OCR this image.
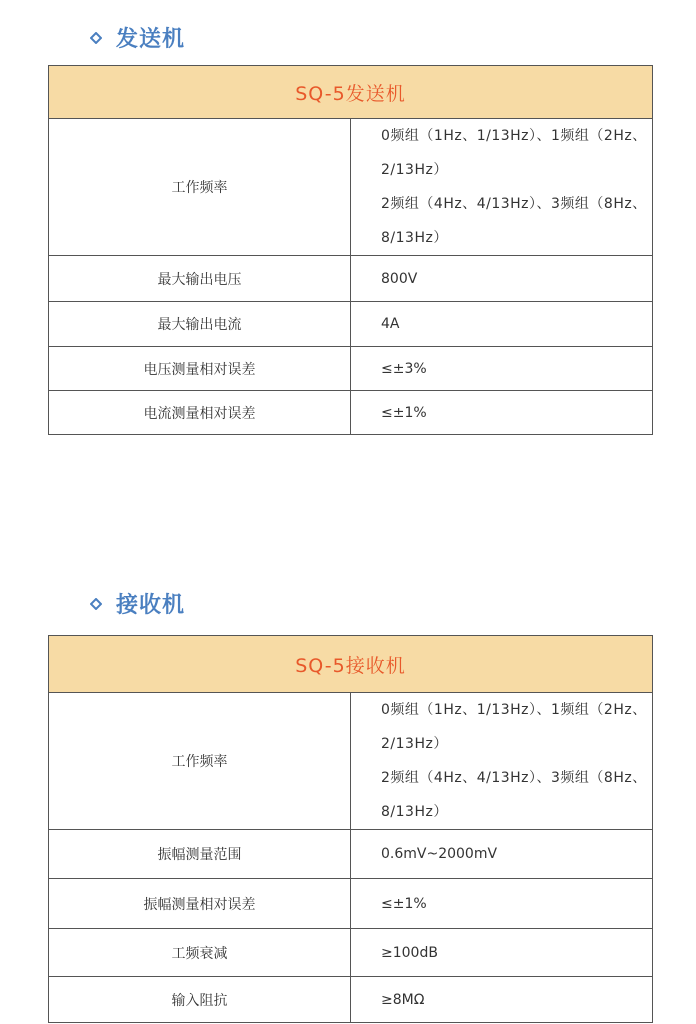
发送机
SQ-5发送机	
工作频率	0频组（1Hz、1/13Hz）、1频组（2Hz、2/13Hz）
2频组（4Hz、4/13Hz）、3频组（8Hz、8/13Hz）

最大输出电压	800V
最大输出电流	4A
电压测量相对误差	≤±3%
电流测量相对误差	≤±1%
接收机
SQ-5接收机	
工作频率	0频组（1Hz、1/13Hz）、1频组（2Hz、2/13Hz）
2频组（4Hz、4/13Hz）、3频组（8Hz、8/13Hz）

振幅测量范围	0.6mV~2000mV
振幅测量相对误差	≤±1%
工频衰减	≥100dB
输入阻抗	≥8MΩ
